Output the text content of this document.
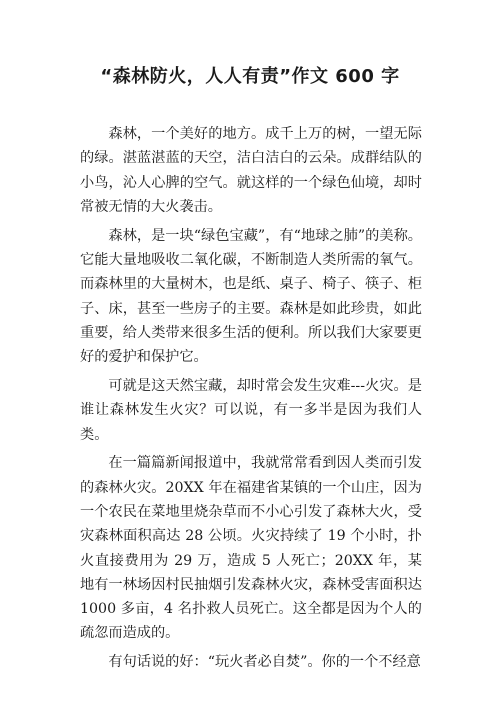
“森林防火，人人有责”作文 600 字

森林，一个美好的地方。成千上万的树，一望无际的绿。湛蓝湛蓝的天空，洁白洁白的云朵。成群结队的小鸟，沁人心脾的空气。就这样的一个绿色仙境，却时常被无情的大火袭击。

森林，是一块“绿色宝藏”，有“地球之肺”的美称。它能大量地吸收二氧化碳，不断制造人类所需的氧气。而森林里的大量树木，也是纸、桌子、椅子、筷子、柜子、床，甚至一些房子的主要。森林是如此珍贵，如此重要，给人类带来很多生活的便利。所以我们大家要更好的爱护和保护它。

可就是这天然宝藏，却时常会发生灾难---火灾。是谁让森林发生火灾？可以说，有一多半是因为我们人类。

在一篇篇新闻报道中，我就常常看到因人类而引发的森林火灾。20XX 年在福建省某镇的一个山庄，因为一个农民在菜地里烧杂草而不小心引发了森林大火，受灾森林面积高达 28 公顷。火灾持续了 19 个小时，扑火直接费用为 29 万，造成 5 人死亡；20XX 年，某地有一林场因村民抽烟引发森林火灾，森林受害面积达 1000 多亩，4 名扑救人员死亡。这全都是因为个人的疏忽而造成的。

有句话说的好：“玩火者必自焚”。你的一个不经意
